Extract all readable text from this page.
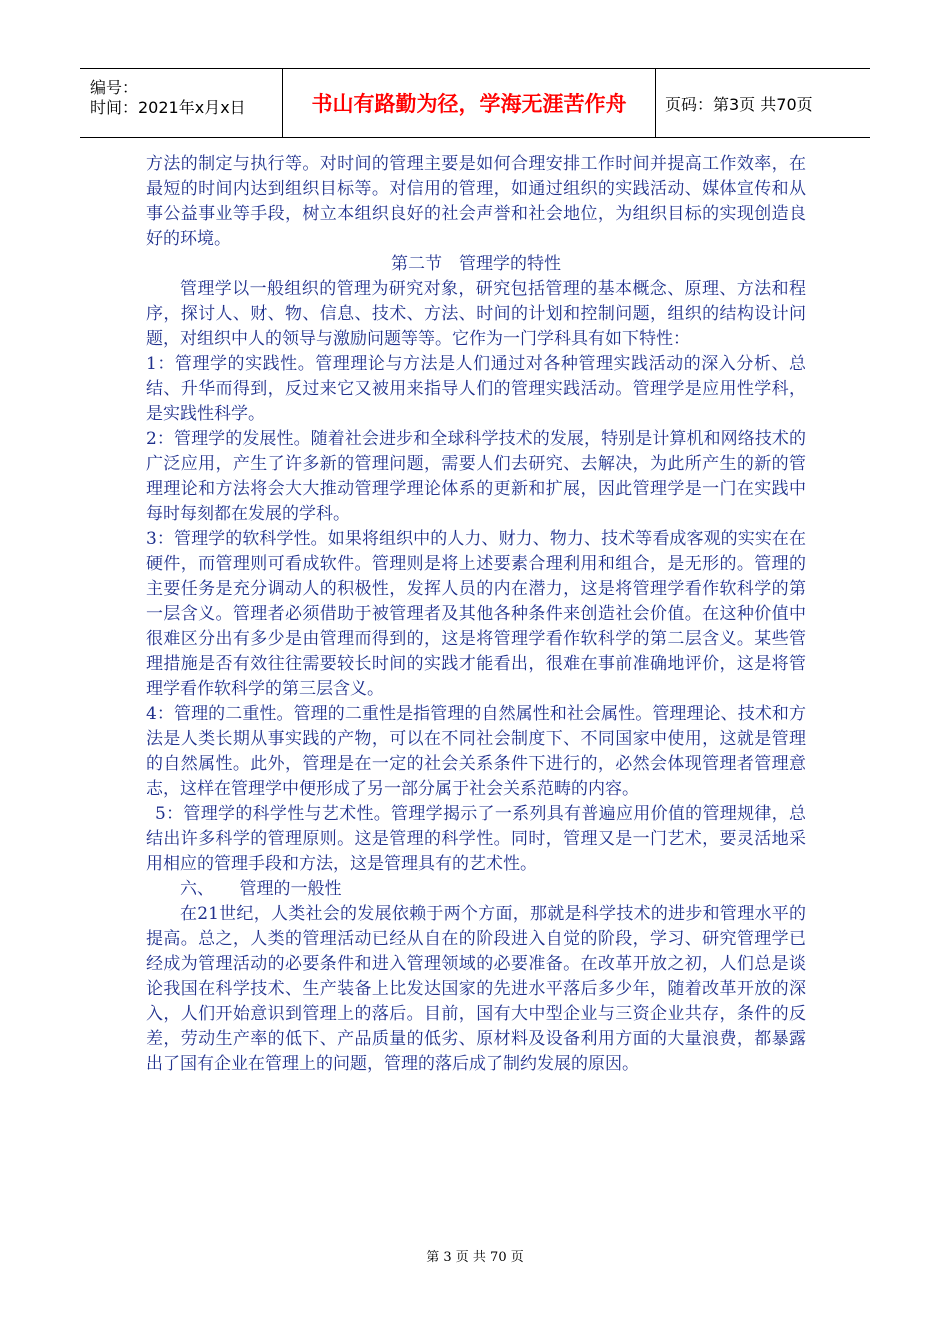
编号：
时间：2021年x月x日	书山有路勤为径，学海无涯苦作舟	页码：第3页 共70页

方法的制定与执行等。对时间的管理主要是如何合理安排工作时间并提高工作效率，在最短的时间内达到组织目标等。对信用的管理，如通过组织的实践活动、媒体宣传和从事公益事业等手段，树立本组织良好的社会声誉和社会地位，为组织目标的实现创造良好的环境。

第二节　管理学的特性

管理学以一般组织的管理为研究对象，研究包括管理的基本概念、原理、方法和程序，探讨人、财、物、信息、技术、方法、时间的计划和控制问题，组织的结构设计问题，对组织中人的领导与激励问题等等。它作为一门学科具有如下特性：

1：管理学的实践性。管理理论与方法是人们通过对各种管理实践活动的深入分析、总结、升华而得到，反过来它又被用来指导人们的管理实践活动。管理学是应用性学科，是实践性科学。

2：管理学的发展性。随着社会进步和全球科学技术的发展，特别是计算机和网络技术的广泛应用，产生了许多新的管理问题，需要人们去研究、去解决，为此所产生的新的管理理论和方法将会大大推动管理学理论体系的更新和扩展，因此管理学是一门在实践中每时每刻都在发展的学科。

3：管理学的软科学性。如果将组织中的人力、财力、物力、技术等看成客观的实实在在硬件，而管理则可看成软件。管理则是将上述要素合理利用和组合，是无形的。管理的主要任务是充分调动人的积极性，发挥人员的内在潜力，这是将管理学看作软科学的第一层含义。管理者必须借助于被管理者及其他各种条件来创造社会价值。在这种价值中很难区分出有多少是由管理而得到的，这是将管理学看作软科学的第二层含义。某些管理措施是否有效往往需要较长时间的实践才能看出，很难在事前准确地评价，这是将管理学看作软科学的第三层含义。

4：管理的二重性。管理的二重性是指管理的自然属性和社会属性。管理理论、技术和方法是人类长期从事实践的产物，可以在不同社会制度下、不同国家中使用，这就是管理的自然属性。此外，管理是在一定的社会关系条件下进行的，必然会体现管理者管理意志，这样在管理学中便形成了另一部分属于社会关系范畴的内容。

5：管理学的科学性与艺术性。管理学揭示了一系列具有普遍应用价值的管理规律，总结出许多科学的管理原则。这是管理的科学性。同时，管理又是一门艺术，要灵活地采用相应的管理手段和方法，这是管理具有的艺术性。

六、　　管理的一般性

在21世纪，人类社会的发展依赖于两个方面，那就是科学技术的进步和管理水平的提高。总之，人类的管理活动已经从自在的阶段进入自觉的阶段，学习、研究管理学已经成为管理活动的必要条件和进入管理领域的必要准备。在改革开放之初，人们总是谈论我国在科学技术、生产装备上比发达国家的先进水平落后多少年，随着改革开放的深入，人们开始意识到管理上的落后。目前，国有大中型企业与三资企业共存，条件的反差，劳动生产率的低下、产品质量的低劣、原材料及设备利用方面的大量浪费，都暴露出了国有企业在管理上的问题，管理的落后成了制约发展的原因。

第 3 页 共 70 页
